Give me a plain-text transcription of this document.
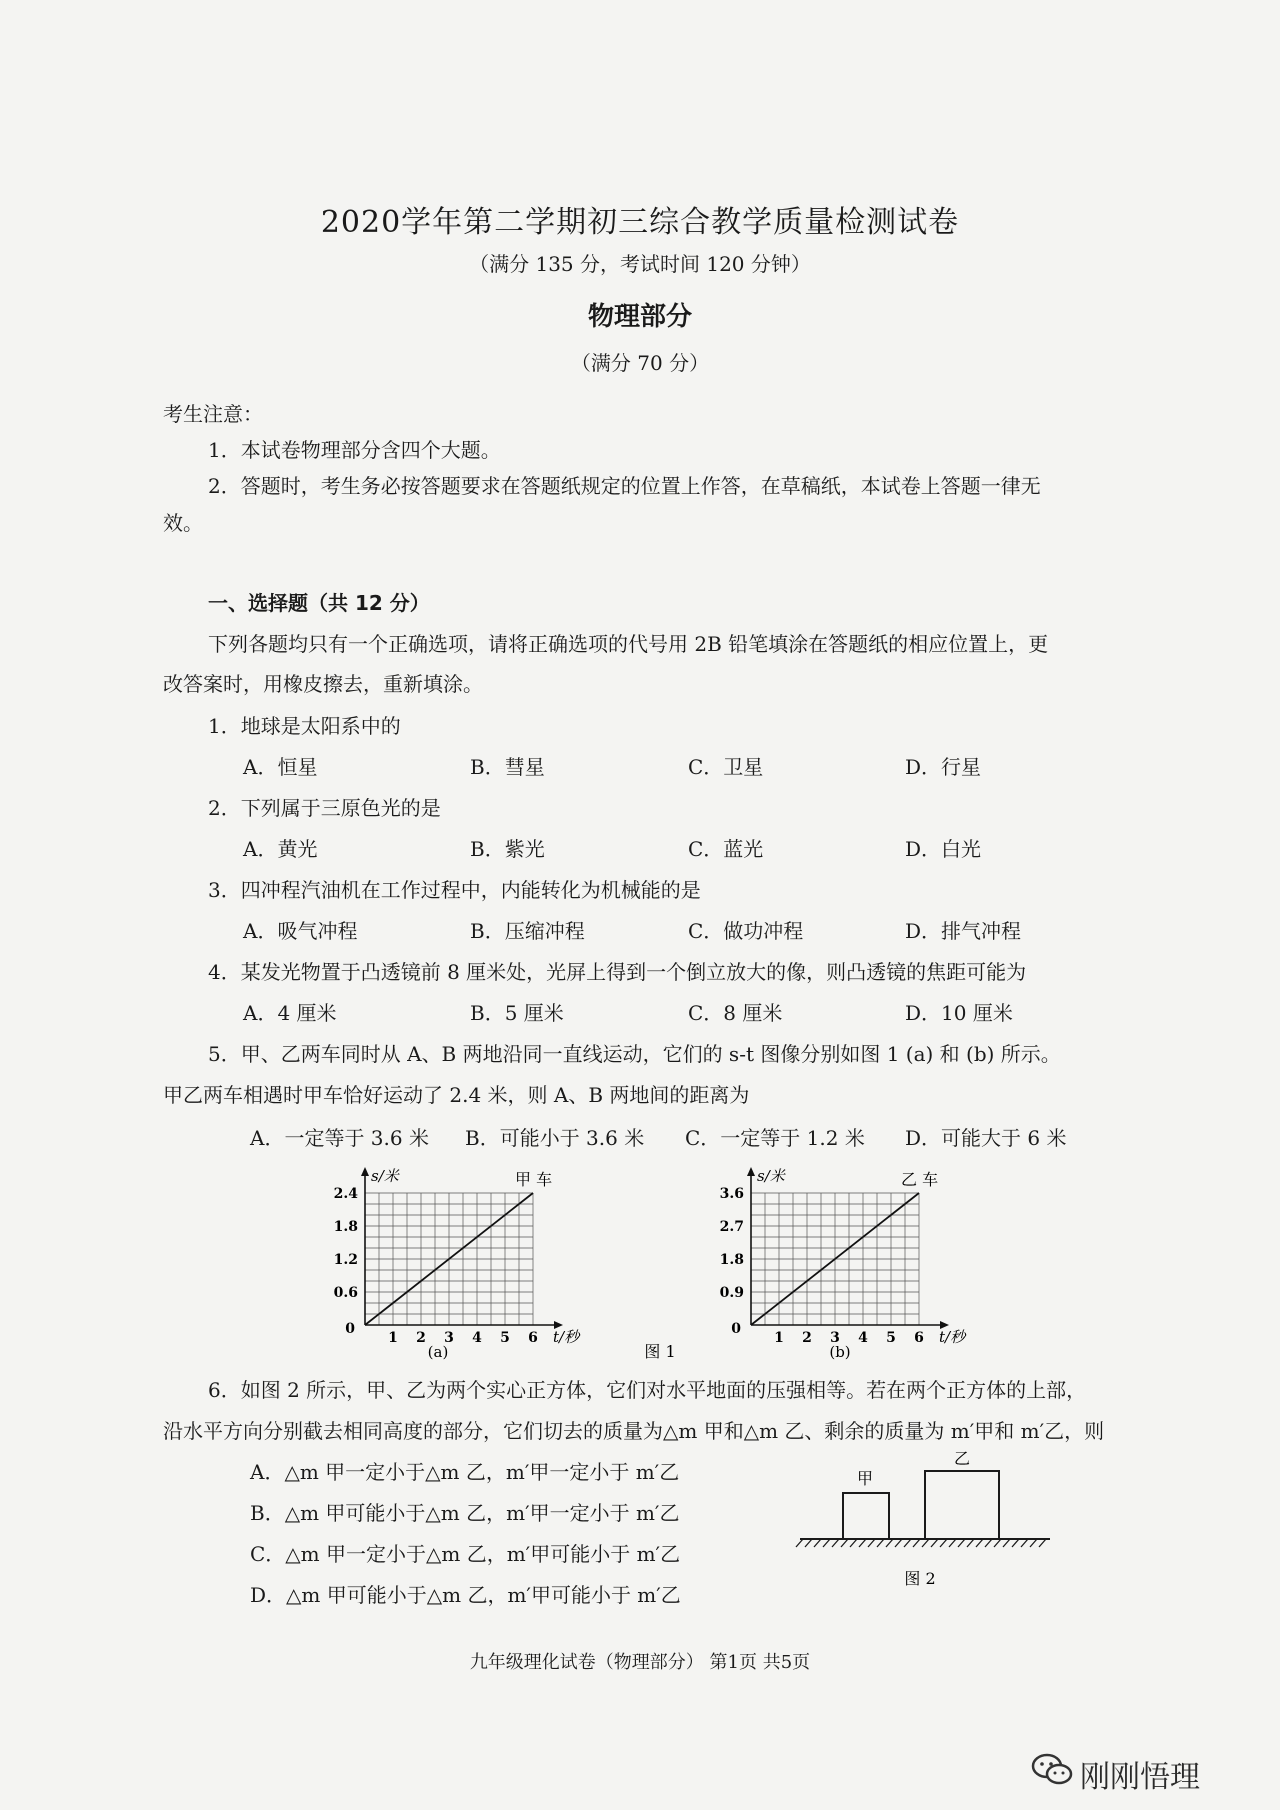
2020学年第二学期初三综合教学质量检测试卷
（满分 135 分，考试时间 120 分钟）
物理部分
（满分 70 分）
考生注意：
1．本试卷物理部分含四个大题。
2．答题时，考生务必按答题要求在答题纸规定的位置上作答，在草稿纸，本试卷上答题一律无
效。
一、选择题（共 12 分）
下列各题均只有一个正确选项，请将正确选项的代号用 2B 铅笔填涂在答题纸的相应位置上，更
改答案时，用橡皮擦去，重新填涂。
1．地球是太阳系中的
A．恒星	B．彗星	C．卫星	D．行星
2．下列属于三原色光的是
A．黄光	B．紫光	C．蓝光	D．白光
3．四冲程汽油机在工作过程中，内能转化为机械能的是
A．吸气冲程	B．压缩冲程	C．做功冲程	D．排气冲程
4．某发光物置于凸透镜前 8 厘米处，光屏上得到一个倒立放大的像，则凸透镜的焦距可能为
A．4 厘米	B．5 厘米	C．8 厘米	D．10 厘米
5．甲、乙两车同时从 A、B 两地沿同一直线运动，它们的 s-t 图像分别如图 1 (a) 和 (b) 所示。
甲乙两车相遇时甲车恰好运动了 2.4 米，则 A、B 两地间的距离为
A．一定等于 3.6 米 B．可能小于 3.6 米 C．一定等于 1.2 米 D．可能大于 6 米
1 2 3 4 5 6
0.6
1.2
1.8
2.4
0
s/米
t/秒
甲 车
1 2 3 4 5 6
0.9
1.8
2.7
3.6
0
s/米
t/秒
乙 车
(a)	图 1	(b)
6．如图 2 所示，甲、乙为两个实心正方体，它们对水平地面的压强相等。若在两个正方体的上部，
沿水平方向分别截去相同高度的部分，它们切去的质量为△m 甲和△m 乙、剩余的质量为 m′甲和 m′乙，则
A．△m 甲一定小于△m 乙，m′甲一定小于 m′乙
B．△m 甲可能小于△m 乙，m′甲一定小于 m′乙
C．△m 甲一定小于△m 乙，m′甲可能小于 m′乙
D．△m 甲可能小于△m 乙，m′甲可能小于 m′乙
甲
乙
图 2
九年级理化试卷（物理部分） 第1页 共5页
刚刚悟理
